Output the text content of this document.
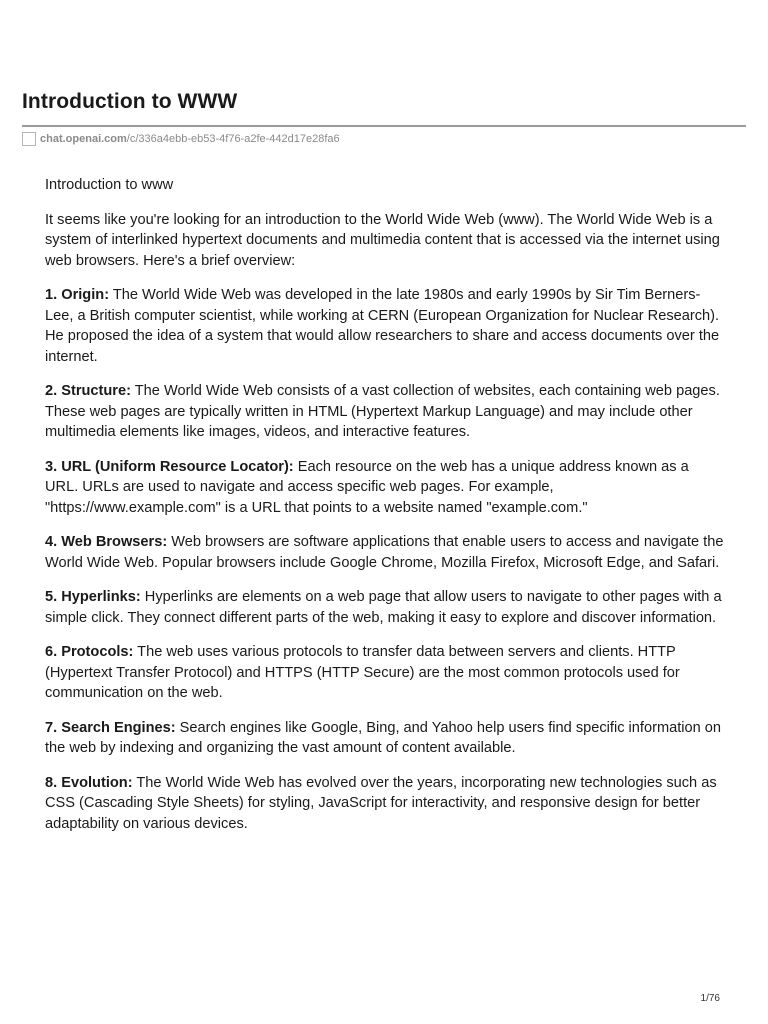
Introduction to WWW
chat.openai.com /c/336a4ebb-eb53-4f76-a2fe-442d17e28fa6

Introduction to www

It seems like you're looking for an introduction to the World Wide Web (www). The World Wide Web is a system of interlinked hypertext documents and multimedia content that is accessed via the internet using web browsers. Here's a brief overview:

1. Origin: The World Wide Web was developed in the late 1980s and early 1990s by Sir Tim Berners-Lee, a British computer scientist, while working at CERN (European Organization for Nuclear Research). He proposed the idea of a system that would allow researchers to share and access documents over the internet.

2. Structure: The World Wide Web consists of a vast collection of websites, each containing web pages. These web pages are typically written in HTML (Hypertext Markup Language) and may include other multimedia elements like images, videos, and interactive features.

3. URL (Uniform Resource Locator): Each resource on the web has a unique address known as a URL. URLs are used to navigate and access specific web pages. For example, "https://www.example.com" is a URL that points to a website named "example.com."

4. Web Browsers: Web browsers are software applications that enable users to access and navigate the World Wide Web. Popular browsers include Google Chrome, Mozilla Firefox, Microsoft Edge, and Safari.

5. Hyperlinks: Hyperlinks are elements on a web page that allow users to navigate to other pages with a simple click. They connect different parts of the web, making it easy to explore and discover information.

6. Protocols: The web uses various protocols to transfer data between servers and clients. HTTP (Hypertext Transfer Protocol) and HTTPS (HTTP Secure) are the most common protocols used for communication on the web.

7. Search Engines: Search engines like Google, Bing, and Yahoo help users find specific information on the web by indexing and organizing the vast amount of content available.

8. Evolution: The World Wide Web has evolved over the years, incorporating new technologies such as CSS (Cascading Style Sheets) for styling, JavaScript for interactivity, and responsive design for better adaptability on various devices.

1/76
